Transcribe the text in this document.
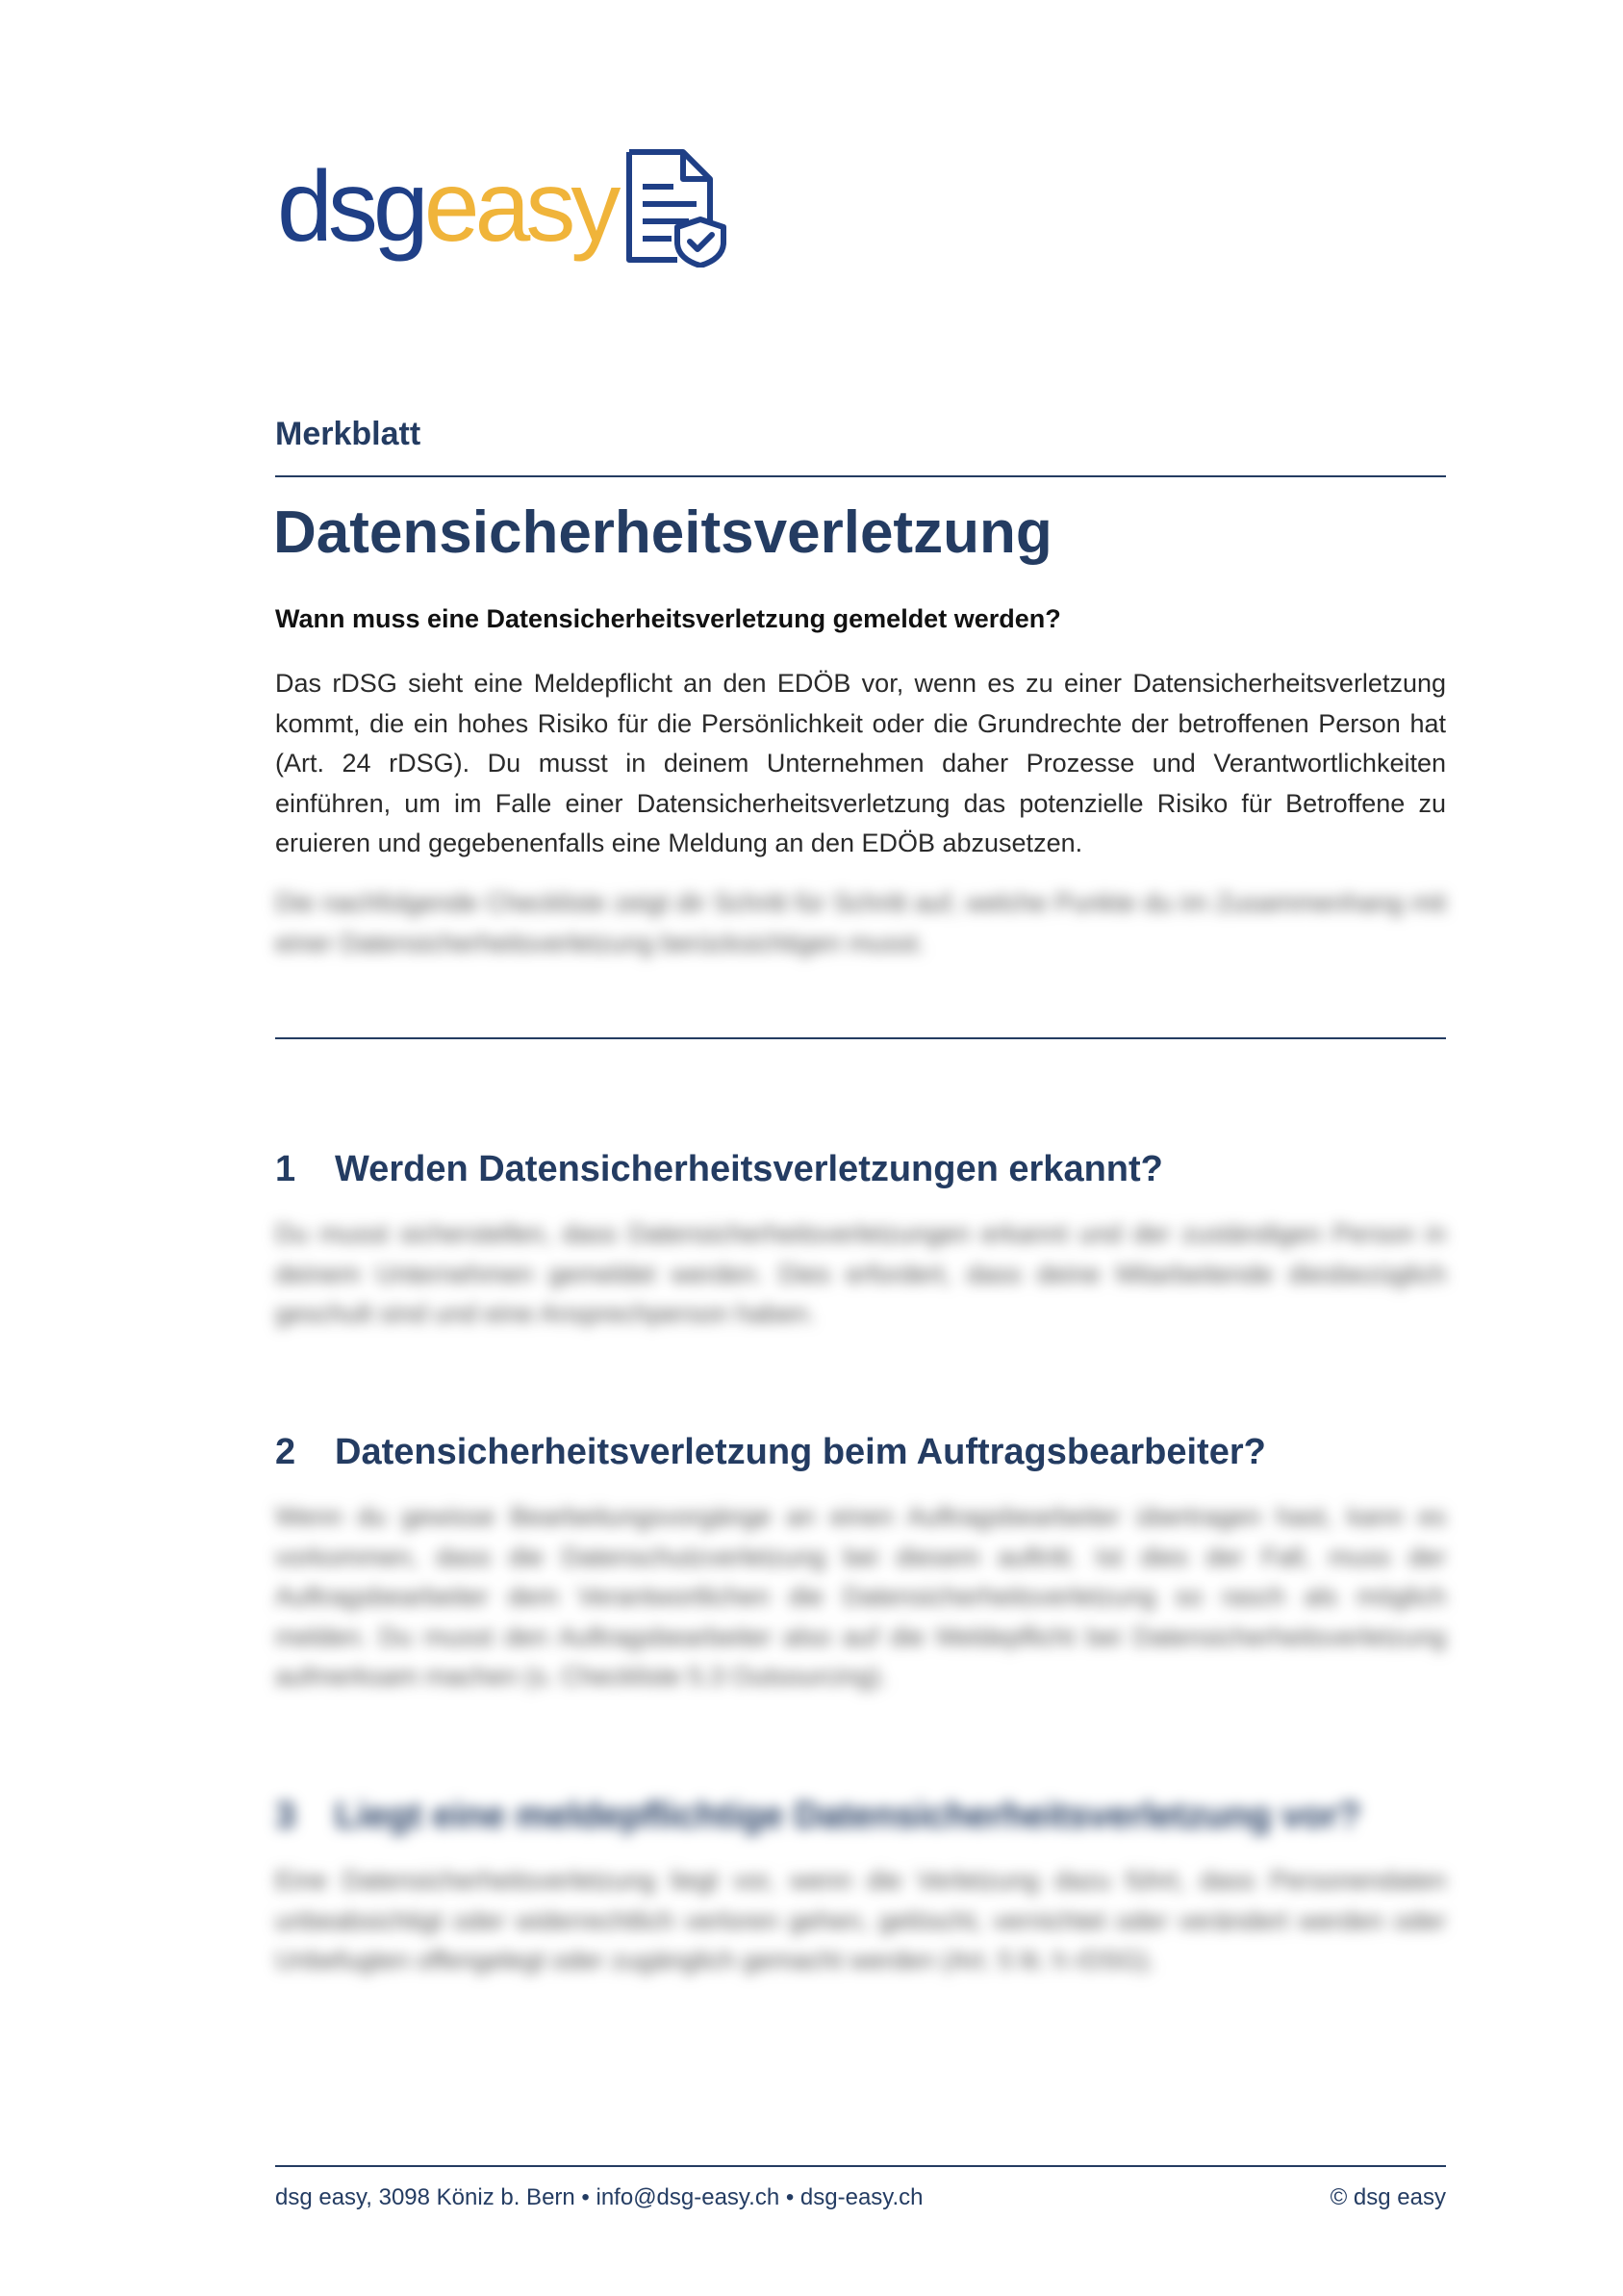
dsgeasy
Merkblatt
Datensicherheitsverletzung
Wann muss eine Datensicherheitsverletzung gemeldet werden?
Das rDSG sieht eine Meldepflicht an den EDÖB vor, wenn es zu einer Datensicherheitsverletzung kommt, die ein hohes Risiko für die Persönlichkeit oder die Grundrechte der betroffenen Person hat (Art. 24 rDSG). Du musst in deinem Unternehmen daher Prozesse und Verantwortlichkeiten einführen, um im Falle einer Datensicherheitsverletzung das potenzielle Risiko für Betroffene zu eruieren und gegebenenfalls eine Meldung an den EDÖB abzusetzen.
Die nachfolgende Checkliste zeigt dir Schritt für Schritt auf, welche Punkte du im Zusammenhang mit einer Datensicherheitsverletzung berücksichtigen musst.
1	Werden Datensicherheitsverletzungen erkannt?
Du musst sicherstellen, dass Datensicherheitsverletzungen erkannt und der zuständigen Person in deinem Unternehmen gemeldet werden. Dies erfordert, dass deine Mitarbeitende diesbezüglich geschult sind und eine Ansprechperson haben.
2	Datensicherheitsverletzung beim Auftragsbearbeiter?
Wenn du gewisse Bearbeitungsvorgänge an einen Auftragsbearbeiter übertragen hast, kann es vorkommen, dass die Datenschutzverletzung bei diesem auftritt. Ist dies der Fall, muss der Auftragsbearbeiter dem Verantwortlichen die Datensicherheitsverletzung so rasch als möglich melden. Du musst den Auftragsbearbeiter also auf die Meldepflicht bei Datensicherheitsverletzung aufmerksam machen (s. Checkliste 5.3 Outsourcing).
3	Liegt eine meldepflichtige Datensicherheitsverletzung vor?
Eine Datensicherheitsverletzung liegt vor, wenn die Verletzung dazu führt, dass Personendaten unbeabsichtigt oder widerrechtlich verloren gehen, gelöscht, vernichtet oder verändert werden oder Unbefugten offengelegt oder zugänglich gemacht werden (Art. 5 lit. h rDSG).
dsg easy, 3098 Köniz b. Bern • info@dsg-easy.ch • dsg-easy.ch	© dsg easy
